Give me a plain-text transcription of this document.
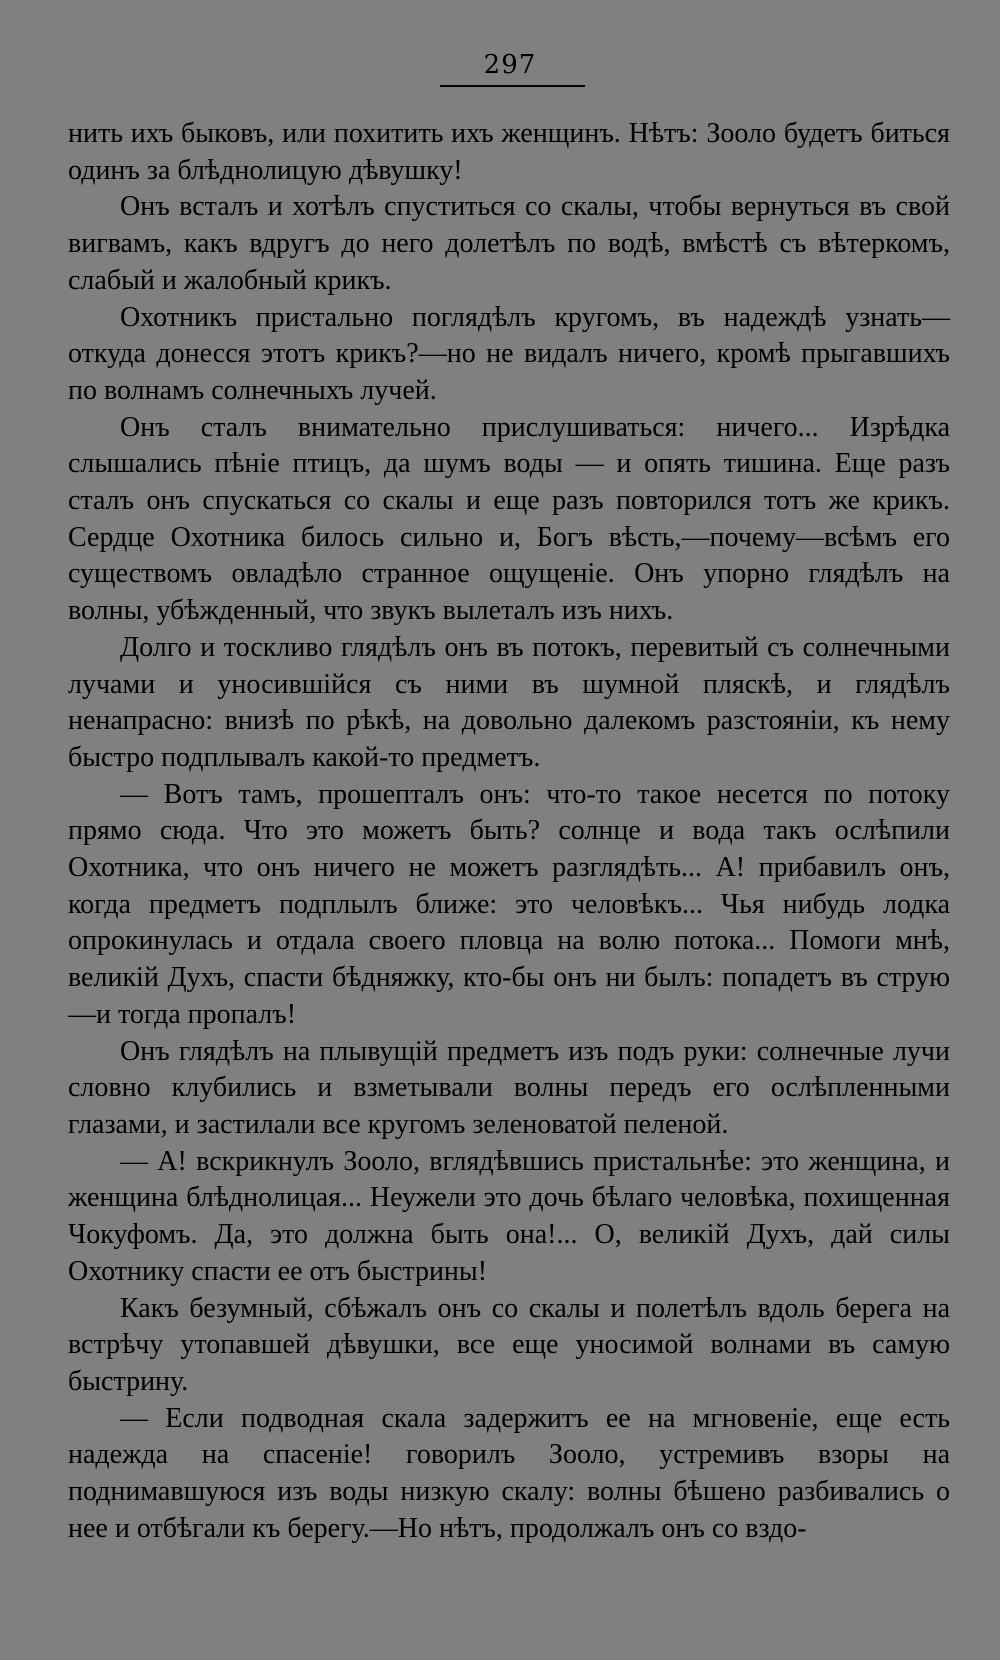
297

нить ихъ быковъ, или похитить ихъ женщинъ. Нѣтъ: Зооло будетъ биться одинъ за блѣднолицую дѣвушку!

Онъ всталъ и хотѣлъ спуститься со скалы, чтобы вернуться въ свой вигвамъ, какъ вдругъ до него долетѣлъ по водѣ, вмѣстѣ съ вѣтеркомъ, слабый и жалобный крикъ.

Охотникъ пристально поглядѣлъ кругомъ, въ надеждѣ узнать—откуда донесся этотъ крикъ?—но не видалъ ничего, кромѣ прыгавшихъ по волнамъ солнечныхъ лучей.

Онъ сталъ внимательно прислушиваться: ничего... Изрѣдка слышались пѣніе птицъ, да шумъ воды — и опять тишина. Еще разъ сталъ онъ спускаться со скалы и еще разъ повторился тотъ же крикъ. Сердце Охотника билось сильно и, Богъ вѣсть,—почему—всѣмъ его существомъ овладѣло странное ощущеніе. Онъ упорно глядѣлъ на волны, убѣжденный, что звукъ вылеталъ изъ нихъ.

Долго и тоскливо глядѣлъ онъ въ потокъ, перевитый съ солнечными лучами и уносившійся съ ними въ шумной пляскѣ, и глядѣлъ ненапрасно: внизѣ по рѣкѣ, на довольно далекомъ разстояніи, къ нему быстро подплывалъ какой-то предметъ.

— Вотъ тамъ, прошепталъ онъ: что-то такое несется по потоку прямо сюда. Что это можетъ быть? солнце и вода такъ ослѣпили Охотника, что онъ ничего не можетъ разглядѣть... А! прибавилъ онъ, когда предметъ подплылъ ближе: это человѣкъ... Чья нибудь лодка опрокинулась и отдала своего пловца на волю потока... Помоги мнѣ, великій Духъ, спасти бѣдняжку, кто-бы онъ ни былъ: попадетъ въ струю —и тогда пропалъ!

Онъ глядѣлъ на плывущій предметъ изъ подъ руки: солнечные лучи словно клубились и взметывали волны передъ его ослѣпленными глазами, и застилали все кругомъ зеленоватой пеленой.

— А! вскрикнулъ Зооло, вглядѣвшись пристальнѣе: это женщина, и женщина блѣднолицая... Неужели это дочь бѣлаго человѣка, похищенная Чокуфомъ. Да, это должна быть она!... О, великій Духъ, дай силы Охотнику спасти ее отъ быстрины!

Какъ безумный, сбѣжалъ онъ со скалы и полетѣлъ вдоль берега на встрѣчу утопавшей дѣвушки, все еще уносимой волнами въ самую быстрину.

— Если подводная скала задержитъ ее на мгновеніе, еще есть надежда на спасеніе! говорилъ Зооло, устремивъ взоры на поднимавшуюся изъ воды низкую скалу: волны бѣшено разбивались о нее и отбѣгали къ берегу.—Но нѣтъ, продолжалъ онъ со вздо-
